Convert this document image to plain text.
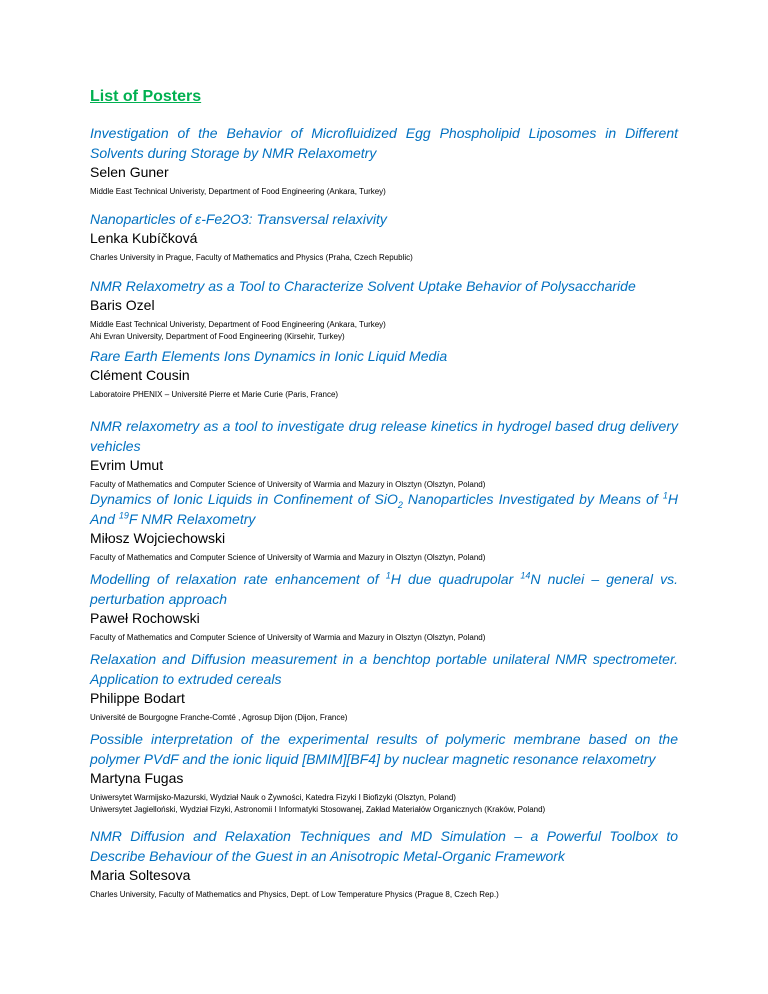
List of Posters
Investigation of the Behavior of Microfluidized Egg Phospholipid Liposomes in Different Solvents during Storage by NMR Relaxometry
Selen Guner
Middle East Technical Univeristy, Department of Food Engineering (Ankara, Turkey)
Nanoparticles of ε-Fe2O3: Transversal relaxivity
Lenka Kubíčková
Charles University in Prague, Faculty of Mathematics and Physics (Praha, Czech Republic)
NMR Relaxometry as a Tool to Characterize Solvent Uptake Behavior of Polysaccharide
Baris Ozel
Middle East Technical Univeristy, Department of Food Engineering (Ankara, Turkey)
Ahi Evran University, Department of Food Engineering (Kirsehir, Turkey)
Rare Earth Elements Ions Dynamics in Ionic Liquid Media
Clément Cousin
Laboratoire PHENIX – Université Pierre et Marie Curie (Paris, France)
NMR relaxometry as a tool to investigate drug release kinetics in hydrogel based drug delivery vehicles
Evrim Umut
Faculty of Mathematics and Computer Science of University of Warmia and Mazury in Olsztyn (Olsztyn, Poland)
Dynamics of Ionic Liquids in Confinement of SiO$_2$ Nanoparticles Investigated by Means of $^1$H And $^{19}$F NMR Relaxometry
Miłosz Wojciechowski
Faculty of Mathematics and Computer Science of University of Warmia and Mazury in Olsztyn (Olsztyn, Poland)
Modelling of relaxation rate enhancement of $^1$H due quadrupolar $^{14}$N nuclei – general vs. perturbation approach
Paweł Rochowski
Faculty of Mathematics and Computer Science of University of Warmia and Mazury in Olsztyn (Olsztyn, Poland)
Relaxation and Diffusion measurement in a benchtop portable unilateral NMR spectrometer. Application to extruded cereals
Philippe Bodart
Université de Bourgogne Franche-Comté , Agrosup Dijon (Dijon, France)
Possible interpretation of the experimental results of polymeric membrane based on the polymer PVdF and the ionic liquid [BMIM][BF4] by nuclear magnetic resonance relaxometry
Martyna Fugas
Uniwersytet Warmijsko-Mazurski, Wydział Nauk o Żywności, Katedra Fizyki I Biofizyki (Olsztyn, Poland)
Uniwersytet Jagielloński, Wydział Fizyki, Astronomii I Informatyki Stosowanej, Zakład Materiałów Organicznych (Kraków, Poland)
NMR Diffusion and Relaxation Techniques and MD Simulation – a Powerful Toolbox to Describe Behaviour of the Guest in an Anisotropic Metal-Organic Framework
Maria Soltesova
Charles University, Faculty of Mathematics and Physics, Dept. of Low Temperature Physics (Prague 8, Czech Rep.)
